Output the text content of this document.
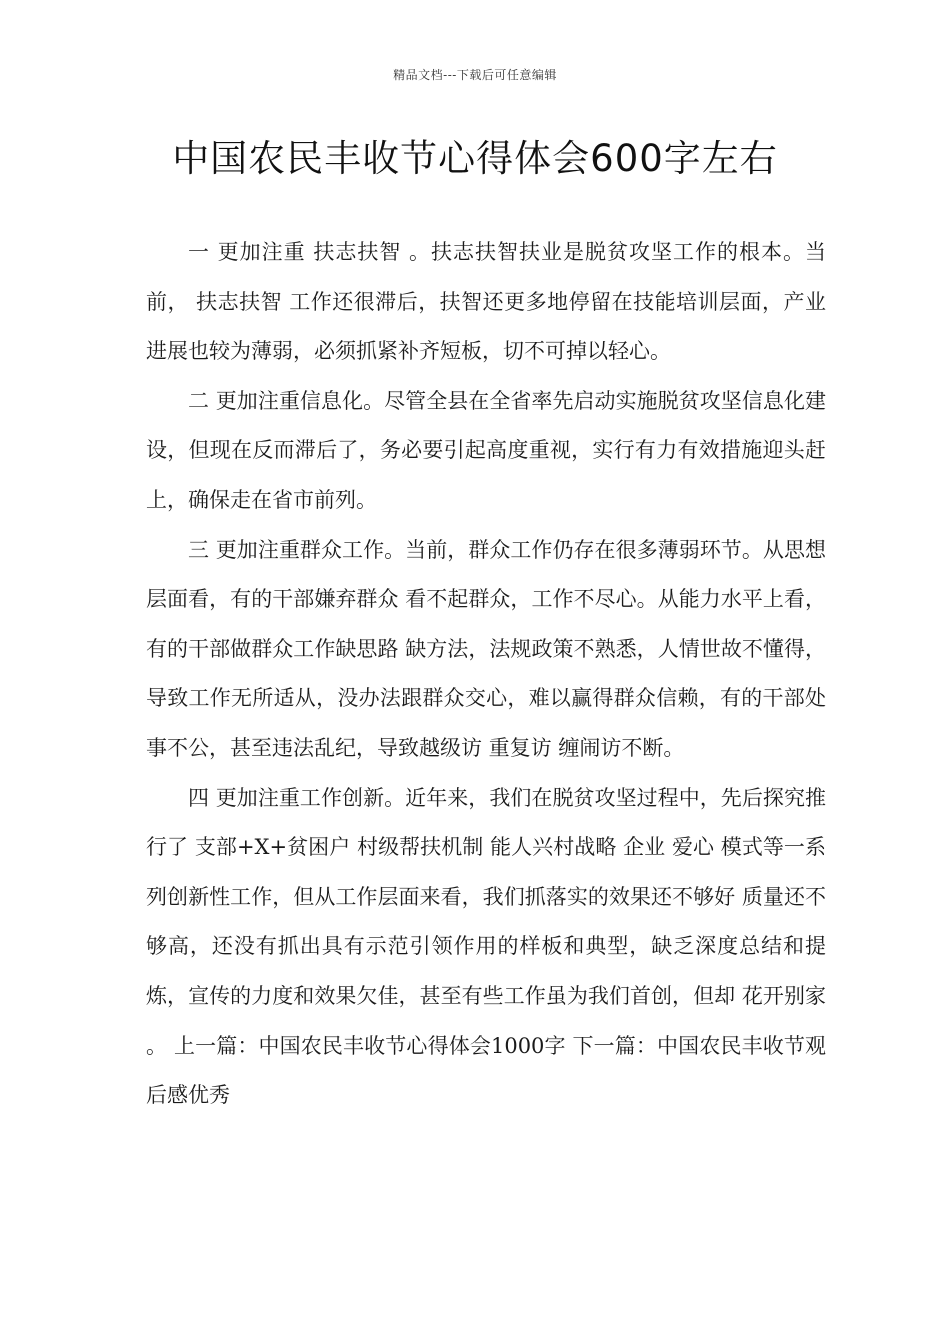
精品文档---下载后可任意编辑
中国农民丰收节心得体会600字左右

一 更加注重 扶志扶智 。扶志扶智扶业是脱贫攻坚工作的根本。当前， 扶志扶智 工作还很滞后，扶智还更多地停留在技能培训层面，产业进展也较为薄弱，必须抓紧补齐短板，切不可掉以轻心。

二 更加注重信息化。尽管全县在全省率先启动实施脱贫攻坚信息化建设，但现在反而滞后了，务必要引起高度重视，实行有力有效措施迎头赶上，确保走在省市前列。

三 更加注重群众工作。当前，群众工作仍存在很多薄弱环节。从思想层面看，有的干部嫌弃群众 看不起群众，工作不尽心。从能力水平上看，有的干部做群众工作缺思路 缺方法，法规政策不熟悉，人情世故不懂得，导致工作无所适从，没办法跟群众交心，难以赢得群众信赖，有的干部处事不公，甚至违法乱纪，导致越级访 重复访 缠闹访不断。

四 更加注重工作创新。近年来，我们在脱贫攻坚过程中，先后探究推行了 支部+X+贫困户 村级帮扶机制 能人兴村战略 企业 爱心 模式等一系列创新性工作，但从工作层面来看，我们抓落实的效果还不够好 质量还不够高，还没有抓出具有示范引领作用的样板和典型，缺乏深度总结和提炼，宣传的力度和效果欠佳，甚至有些工作虽为我们首创，但却 花开别家 。 上一篇：中国农民丰收节心得体会1000字 下一篇：中国农民丰收节观后感优秀
